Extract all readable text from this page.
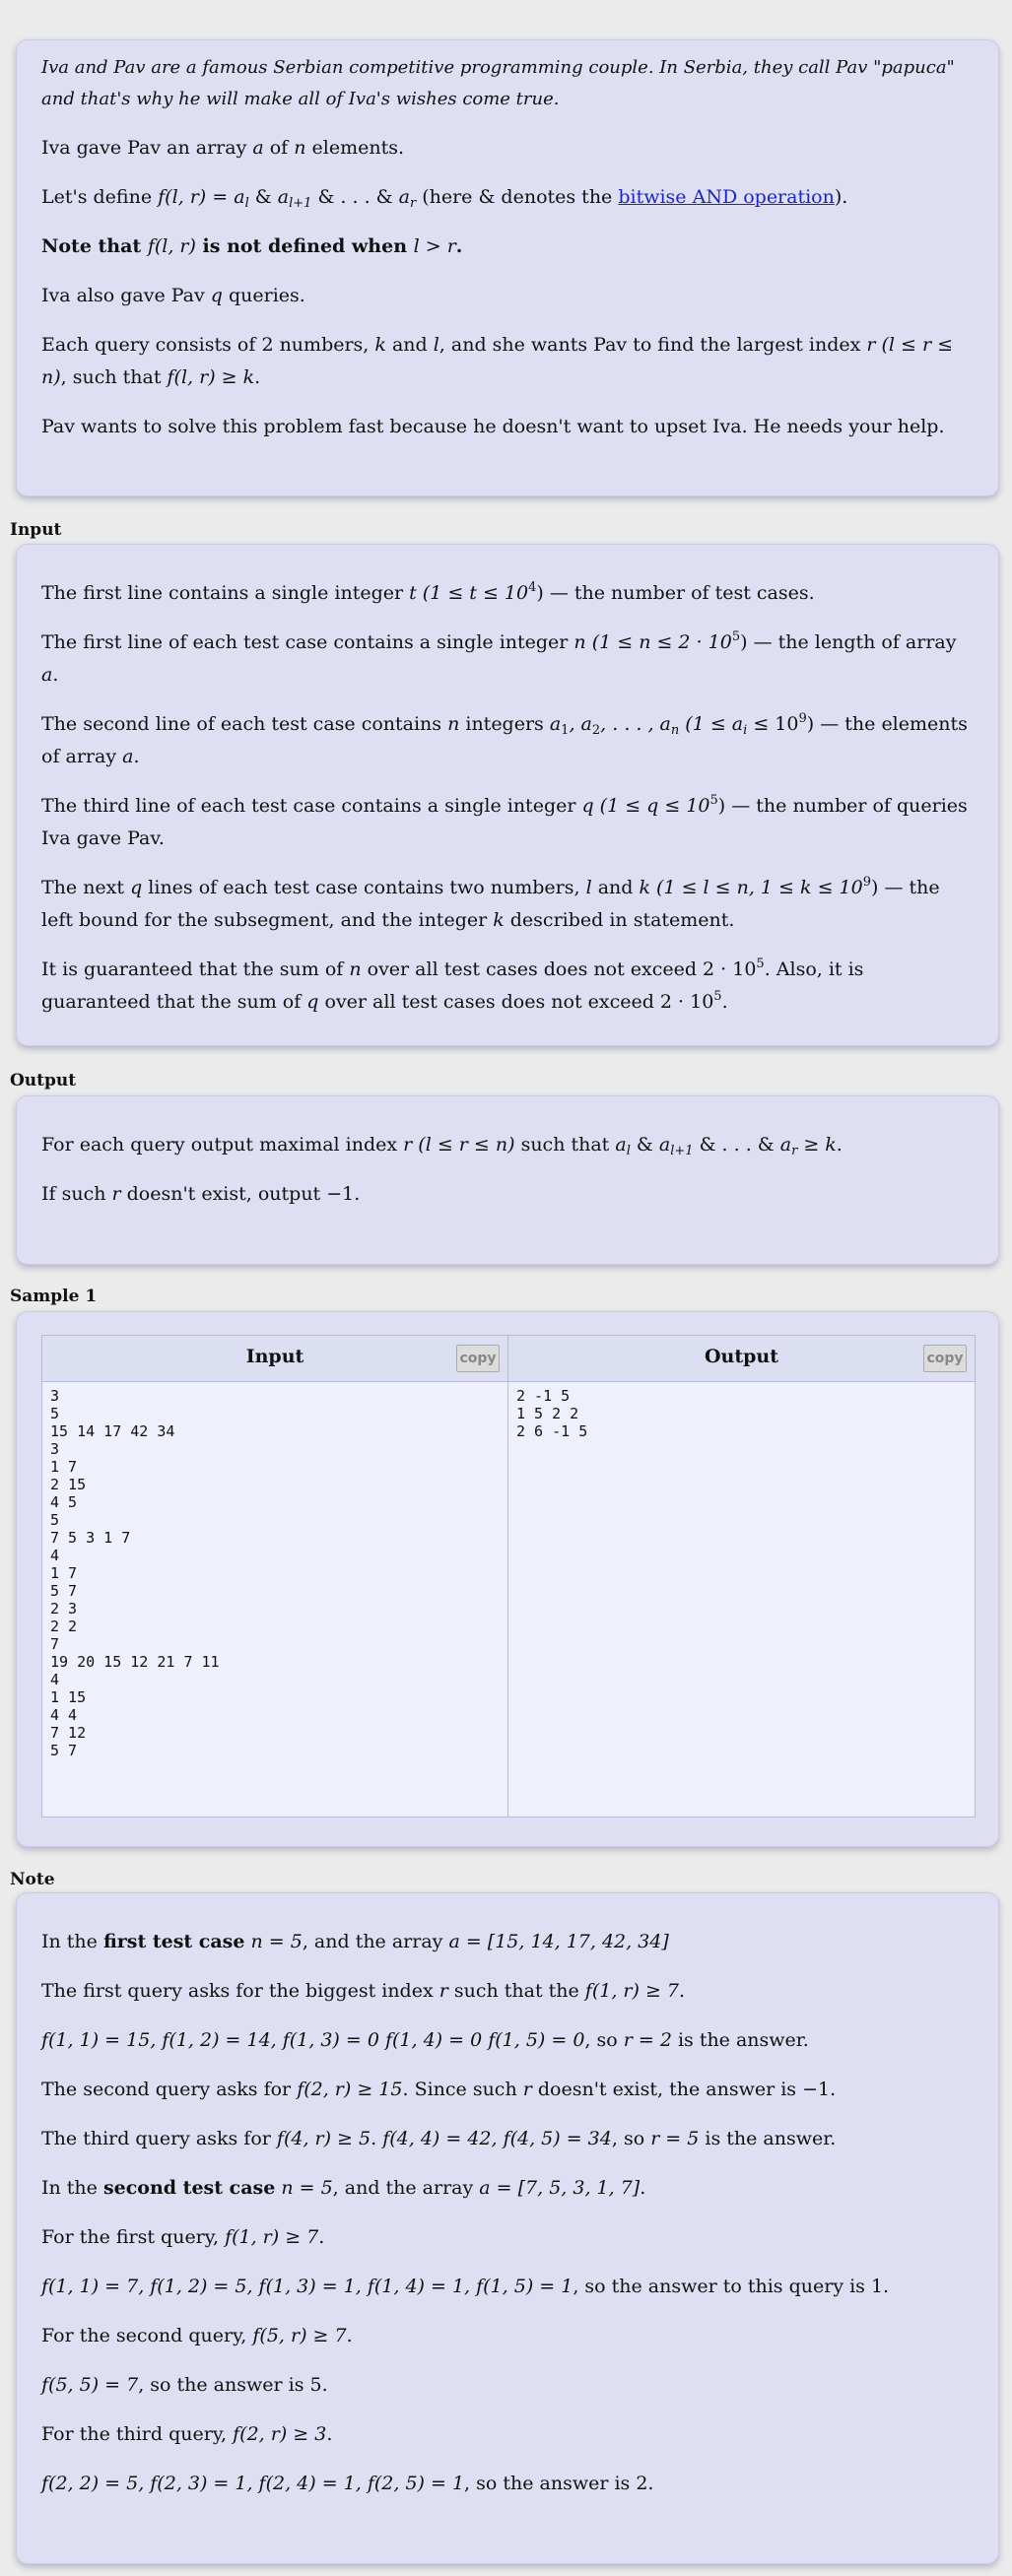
Iva and Pav are a famous Serbian competitive programming couple. In Serbia, they call Pav "papuca" and that's why he will make all of Iva's wishes come true.

Iva gave Pav an array a of n elements.

Let's define f(l, $r) = a_l$ & $a_{l+1}$ & . . . & $a_r$ (here & denotes the bitwise AND operation).

Note that f(l, r) is not defined when l > r.

Iva also gave Pav q queries.

Each query consists of 2 numbers, k and l, and she wants Pav to find the largest index r (l ≤ r ≤ n), such that f(l, r) ≥ k.

Pav wants to solve this problem fast because he doesn't want to upset Iva. He needs your help.

Input

The first line contains a single integer t $(1 \le t \le 10^4)$ — the number of test cases.

The first line of each test case contains a single integer n $(1 \le n \le 2 \cdot 10^5)$ — the length of array a.

The second line of each test case contains n integers $a_1$, $a_2$, . . . , $a_n$ $(1 \le a_i \le 10^9)$ — the elements of array a.

The third line of each test case contains a single integer q $(1 \le q \le 10^5)$ — the number of queries Iva gave Pav.

The next q lines of each test case contains two numbers, l and k (1 ≤ l ≤ n, $1 \le k \le 10^9$) — the left bound for the subsegment, and the integer k described in statement.

It is guaranteed that the sum of n over all test cases does not exceed $2 \cdot 10^5$. Also, it is guaranteed that the sum of q over all test cases does not exceed $2 \cdot 10^5$.

Output

For each query output maximal index r (l ≤ r ≤ n) such that $a_l$ & $a_{l+1}$ & . . . & $a_r \ge k$.

If such r doesn't exist, output −1.

Sample 1
Input	copy	Output	copy
3
5
15 14 17 42 34
3
1 7
2 15
4 5
5
7 5 3 1 7
4
1 7
5 7
2 3
2 2
7
19 20 15 12 21 7 11
4
1 15
4 4
7 12
5 7
2 -1 5
1 5 2 2
2 6 -1 5
Note

In the first test case n = 5, and the array a = [15, 14, 17, 42, 34]

The first query asks for the biggest index r such that the f(1, r) ≥ 7.

f(1, 1) = 15, f(1, 2) = 14, f(1, 3) = 0 f(1, 4) = 0 f(1, 5) = 0, so r = 2 is the answer.

The second query asks for f(2, r) ≥ 15. Since such r doesn't exist, the answer is −1.

The third query asks for f(4, r) ≥ 5. f(4, 4) = 42, f(4, 5) = 34, so r = 5 is the answer.

In the second test case n = 5, and the array a = [7, 5, 3, 1, 7].

For the first query, f(1, r) ≥ 7.

f(1, 1) = 7, f(1, 2) = 5, f(1, 3) = 1, f(1, 4) = 1, f(1, 5) = 1, so the answer to this query is 1.

For the second query, f(5, r) ≥ 7.

f(5, 5) = 7, so the answer is 5.

For the third query, f(2, r) ≥ 3.

f(2, 2) = 5, f(2, 3) = 1, f(2, 4) = 1, f(2, 5) = 1, so the answer is 2.
